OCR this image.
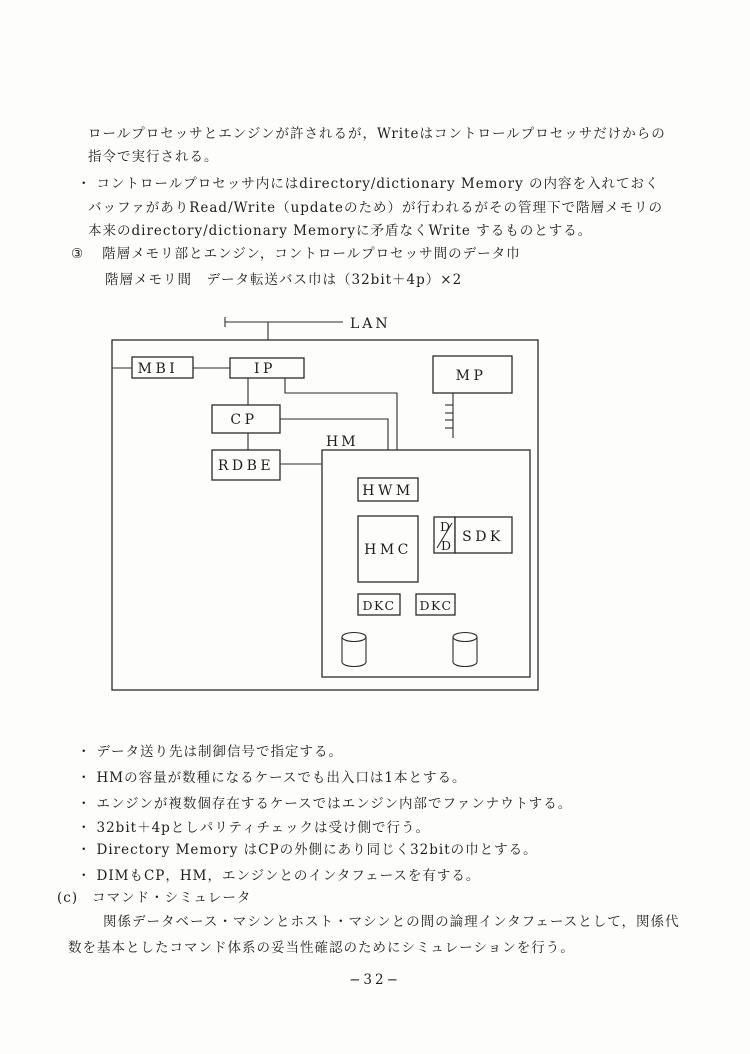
ロールプロセッサとエンジンが許されるが，Writeはコントロールプロセッサだけからの
指令で実行される。
・ コントロールプロセッサ内にはdirectory/dictionary Memory の内容を入れておく
バッファがありRead/Write（updateのため）が行われるがその管理下で階層メモリの
本来のdirectory/dictionary Memoryに矛盾なくWrite するものとする。
③ 階層メモリ部とエンジン，コントロールプロセッサ間のデータ巾
階層メモリ間　データ転送バス巾は（32bit＋4p）×2
LAN
HM
MBI	IP	MP
CP
RDBE
HWM
HMC
D
D
SDK
DKC DKC
・ データ送り先は制御信号で指定する。
・ HMの容量が数種になるケースでも出入口は1本とする。
・ エンジンが複数個存在するケースではエンジン内部でファンナウトする。
・ 32bit＋4pとしパリティチェックは受け側で行う。
・ Directory Memory はCPの外側にあり同じく32bitの巾とする。
・ DIMもCP，HM，エンジンとのインタフェースを有する。
(c) コマンド・シミュレータ
関係データベース・マシンとホスト・マシンとの間の論理インタフェースとして，関係代
数を基本としたコマンド体系の妥当性確認のためにシミュレーションを行う。
−32−
